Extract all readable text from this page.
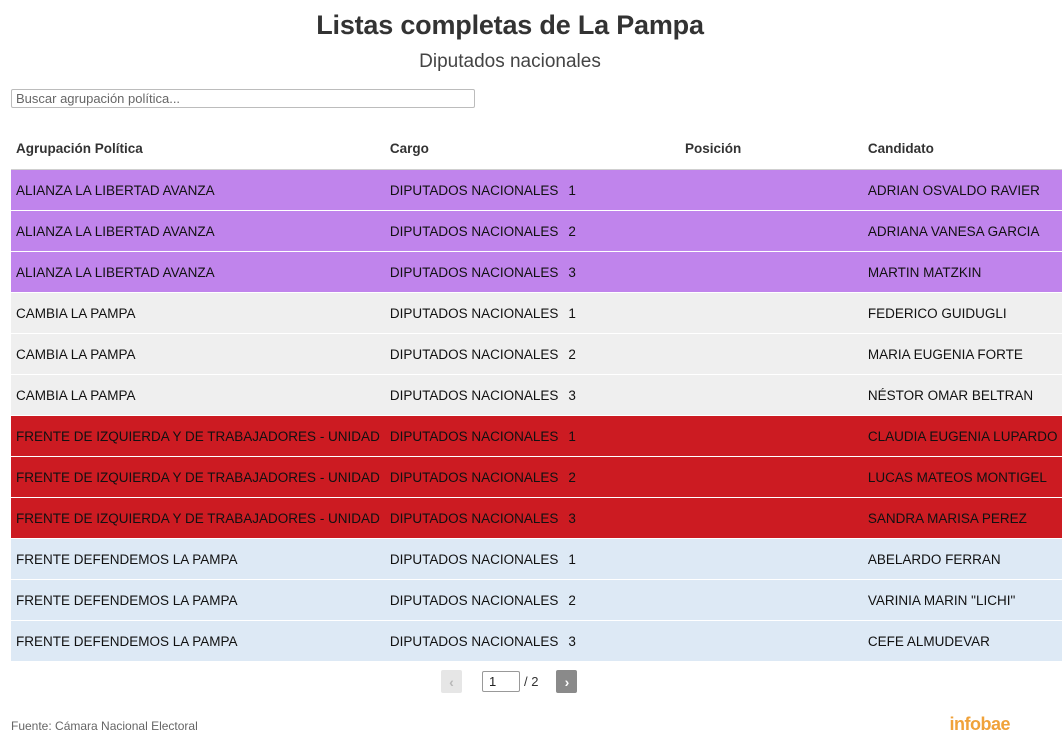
Listas completas de La Pampa
Diputados nacionales
Buscar agrupación política...
Agrupación Política	Cargo	Posición	Candidato
ALIANZA LA LIBERTAD AVANZA	DIPUTADOS NACIONALES	1	ADRIAN OSVALDO RAVIER
ALIANZA LA LIBERTAD AVANZA	DIPUTADOS NACIONALES	2	ADRIANA VANESA GARCIA
ALIANZA LA LIBERTAD AVANZA	DIPUTADOS NACIONALES	3	MARTIN MATZKIN
CAMBIA LA PAMPA	DIPUTADOS NACIONALES	1	FEDERICO GUIDUGLI
CAMBIA LA PAMPA	DIPUTADOS NACIONALES	2	MARIA EUGENIA FORTE
CAMBIA LA PAMPA	DIPUTADOS NACIONALES	3	NÉSTOR OMAR BELTRAN
FRENTE DE IZQUIERDA Y DE TRABAJADORES - UNIDAD	DIPUTADOS NACIONALES	1	CLAUDIA EUGENIA LUPARDO
FRENTE DE IZQUIERDA Y DE TRABAJADORES - UNIDAD	DIPUTADOS NACIONALES	2	LUCAS MATEOS MONTIGEL
FRENTE DE IZQUIERDA Y DE TRABAJADORES - UNIDAD	DIPUTADOS NACIONALES	3	SANDRA MARISA PEREZ
FRENTE DEFENDEMOS LA PAMPA	DIPUTADOS NACIONALES	1	ABELARDO FERRAN
FRENTE DEFENDEMOS LA PAMPA	DIPUTADOS NACIONALES	2	VARINIA MARIN "LICHI"
FRENTE DEFENDEMOS LA PAMPA	DIPUTADOS NACIONALES	3	CEFE ALMUDEVAR
‹
1	/ 2	›
Fuente: Cámara Nacional Electoral	infobae
